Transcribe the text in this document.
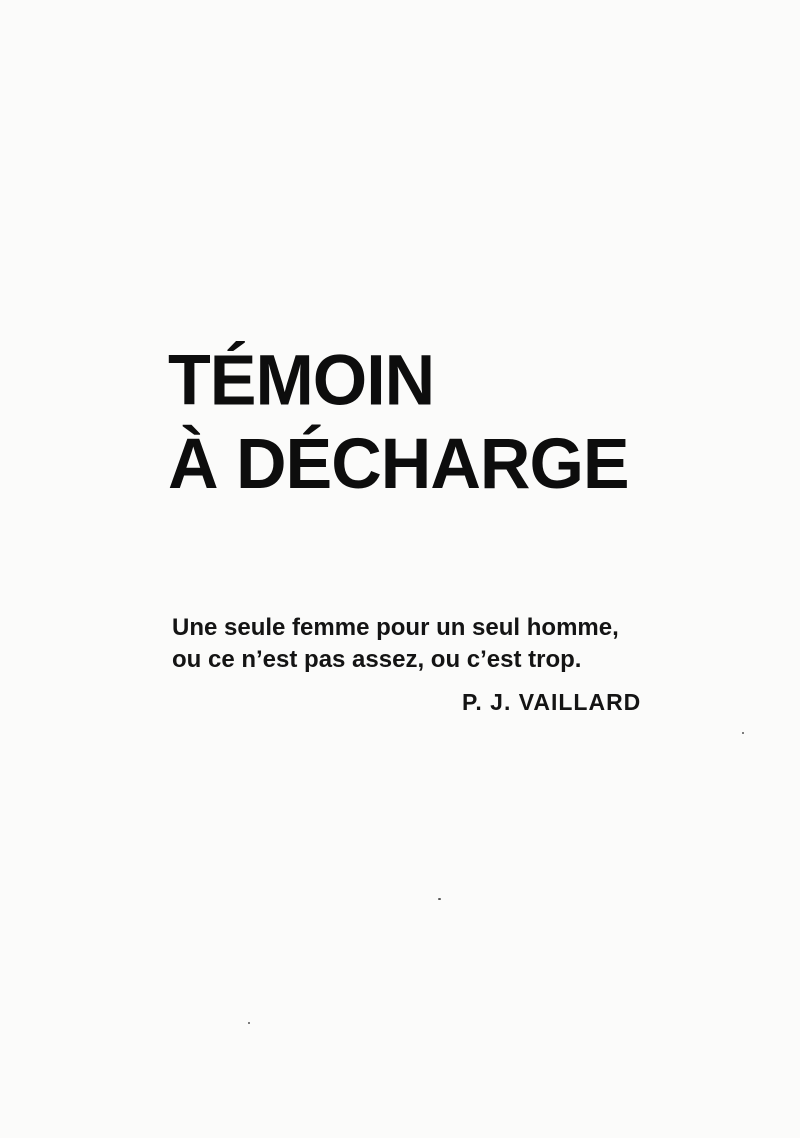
TÉMOIN
À DÉCHARGE

Une seule femme pour un seul homme,
ou ce n’est pas assez, ou c’est trop.

P. J. VAILLARD
